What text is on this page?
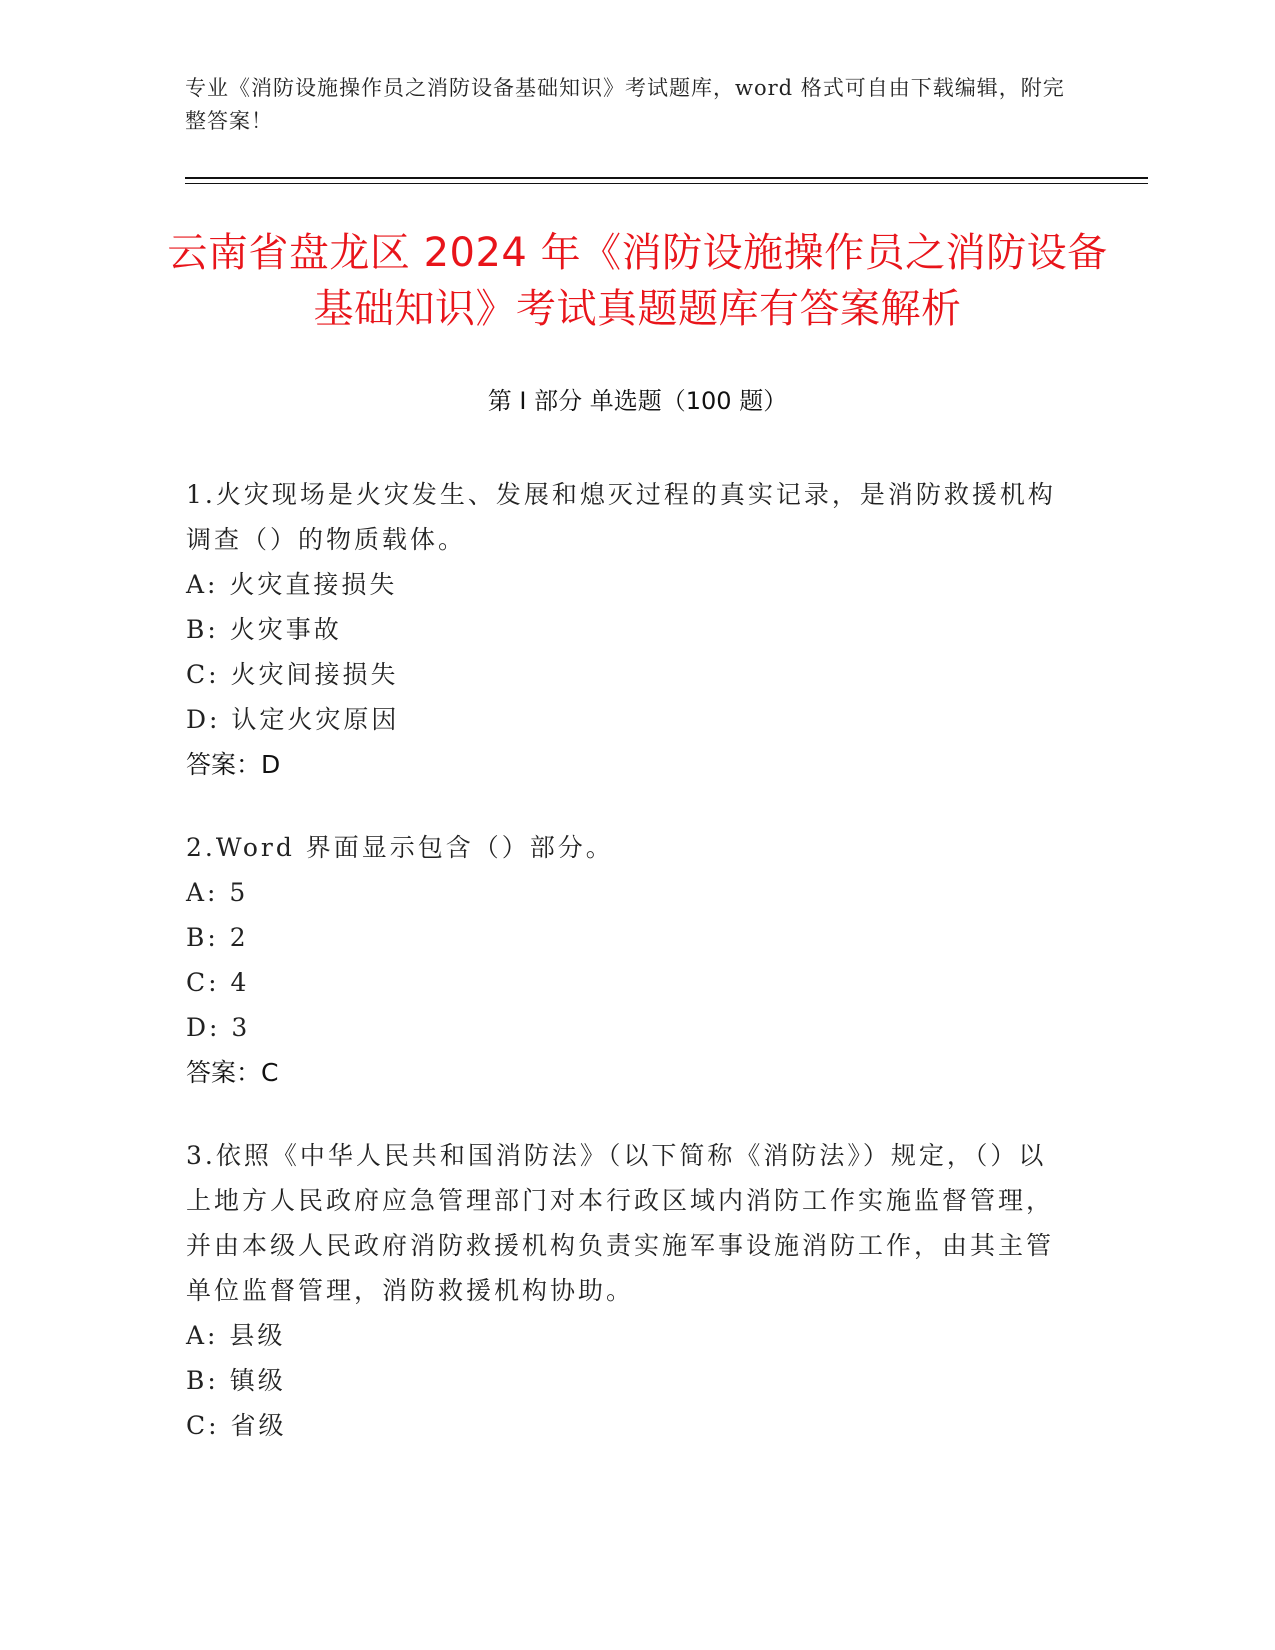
专业《消防设施操作员之消防设备基础知识》考试题库，word 格式可自由下载编辑，附完整答案！
云南省盘龙区 2024 年《消防设施操作员之消防设备基础知识》考试真题题库有答案解析
第 I 部分 单选题（100 题）

1.火灾现场是火灾发生、发展和熄灭过程的真实记录，是消防救援机构调查（）的物质载体。

A: 火灾直接损失

B: 火灾事故

C: 火灾间接损失

D: 认定火灾原因

答案：D

2.Word 界面显示包含（）部分。

A: 5

B: 2

C: 4

D: 3

答案：C

3.依照《中华人民共和国消防法》（以下简称《消防法》）规定，（）以上地方人民政府应急管理部门对本行政区域内消防工作实施监督管理，并由本级人民政府消防救援机构负责实施军事设施消防工作，由其主管单位监督管理，消防救援机构协助。

A: 县级

B: 镇级

C: 省级
